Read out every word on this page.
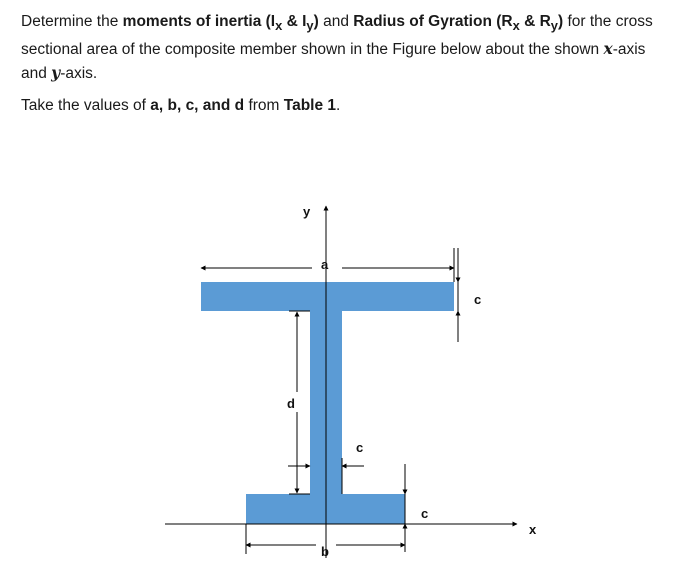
Determine the moments of inertia ($I_x$ & $I_y$) and Radius of Gyration ($R_x$ & $R_y$) for the cross sectional area of the composite member shown in the Figure below about the shown x-axis and y-axis.

Take the values of a, b, c, and d from Table 1.

y
x
a
c
d
c
c
b
